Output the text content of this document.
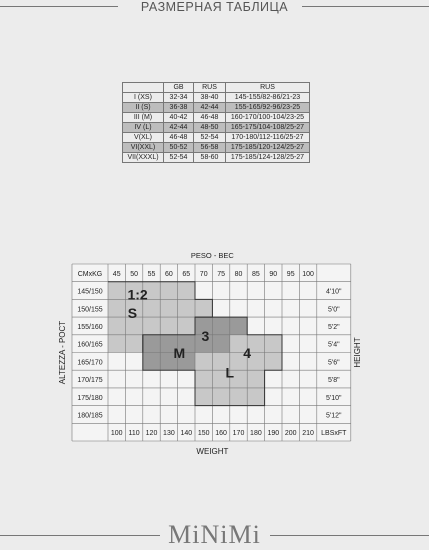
РАЗМЕРНАЯ ТАБЛИЦА
	GB	RUS	RUS
I (XS)	32-34	38-40	145-155/82-86/21-23
II (S)	36-38	42-44	155-165/92-96/23-25
III (M)	40-42	46-48	160-170/100-104/23-25
IV (L)	42-44	48-50	165-175/104-108/25-27
V(XL)	46-48	52-54	170-180/112-116/25-27
VI(XXL)	50-52	56-58	175-185/120-124/25-27
VII(XXXL)	52-54	58-60	175-185/124-128/25-27
PESO - BEC
CMxKG 45 50 55 60 65 70 75 80 85 90 95 100
145/150
150/155
155/160
160/165
165/170
170/175
175/180
180/185
4'10"
5'0"
5'2"
5'4"
5'6"
5'8"
5'10"
5'12"
100 110 120 130 140 150 160 170 180 190 200 210 LBSxFT
WEIGHT
ALTEZZA - POCT	HEIGHT
1:2
S
3
M	4
L
MiNiMi
